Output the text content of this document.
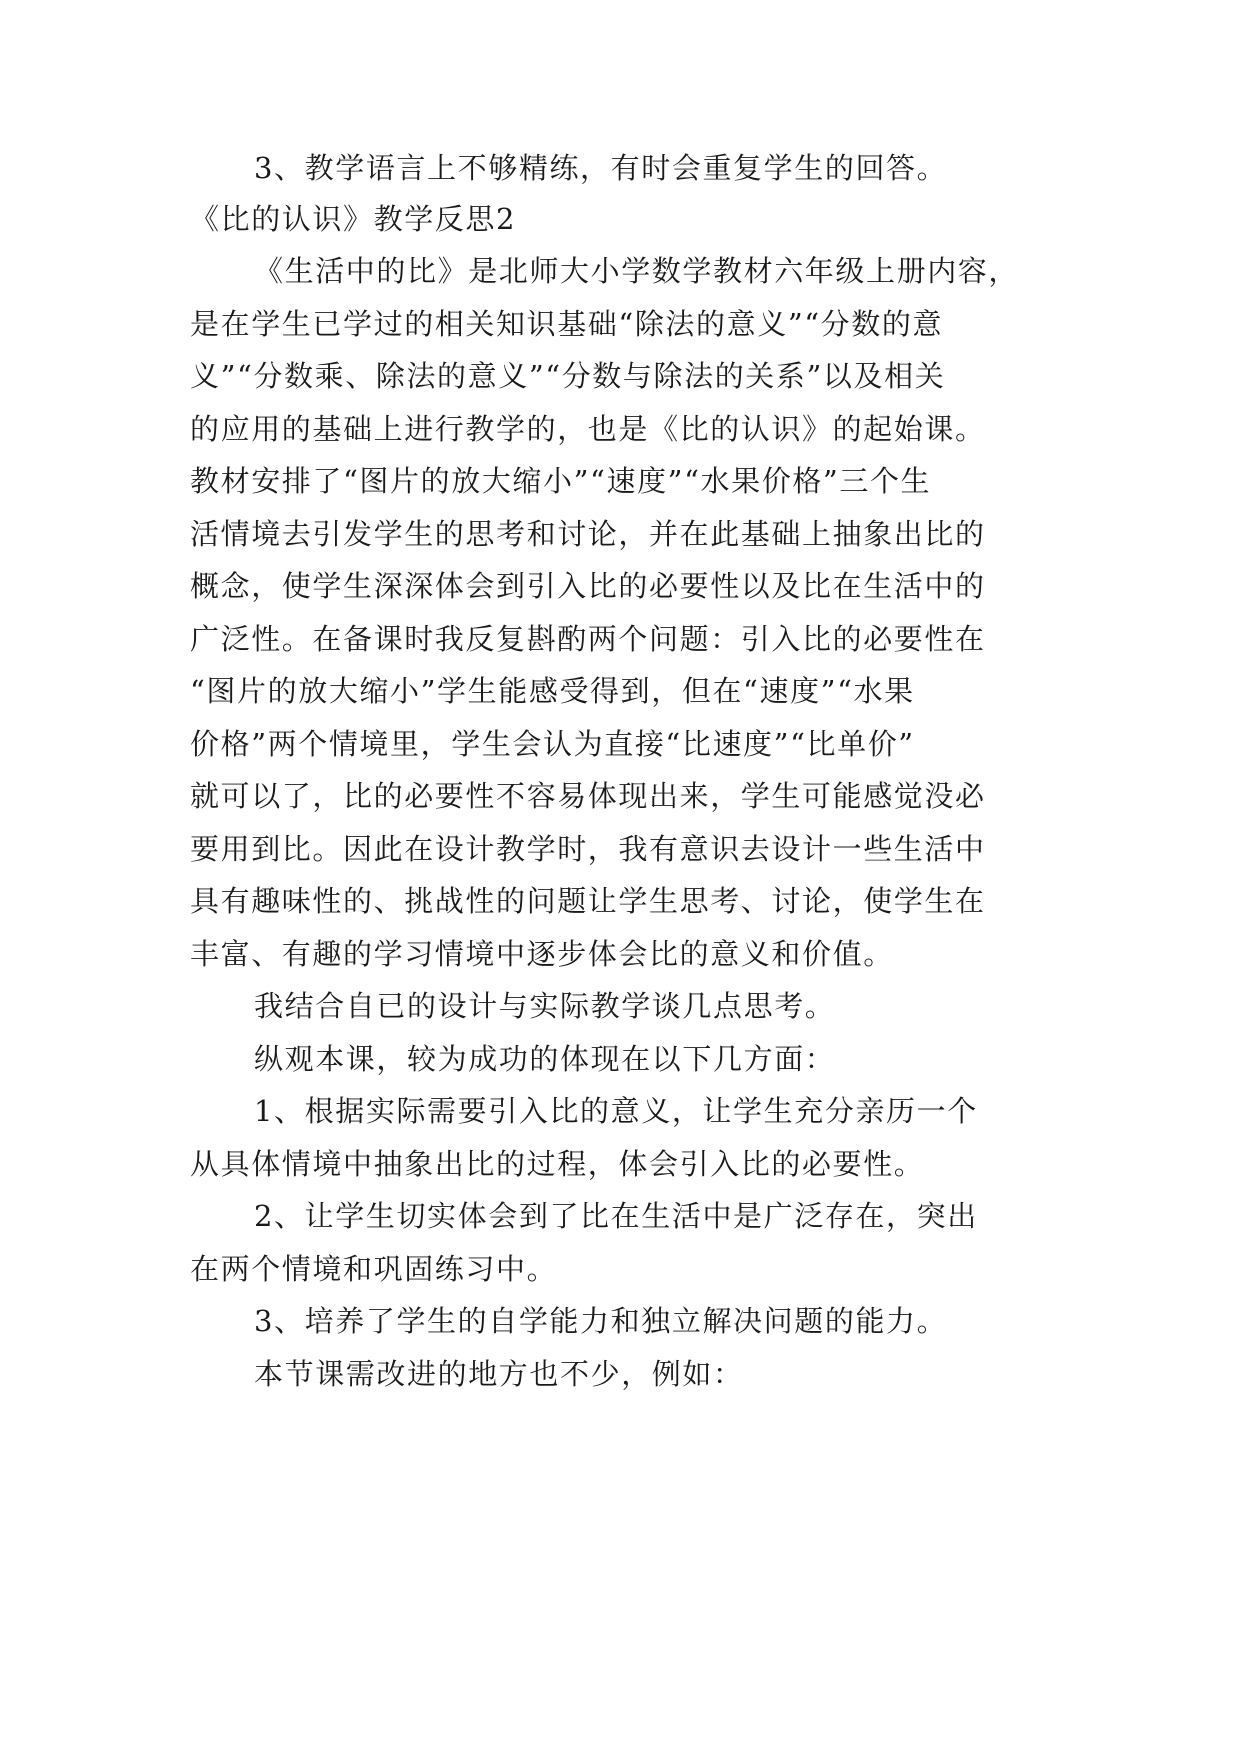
3、教学语言上不够精练，有时会重复学生的回答。
《比的认识》教学反思2
《生活中的比》是北师大小学数学教材六年级上册内容，
是在学生已学过的相关知识基础“除法的意义”“分数的意
义”“分数乘、除法的意义”“分数与除法的关系”以及相关
的应用的基础上进行教学的，也是《比的认识》的起始课。
教材安排了“图片的放大缩小”“速度”“水果价格”三个生
活情境去引发学生的思考和讨论，并在此基础上抽象出比的
概念，使学生深深体会到引入比的必要性以及比在生活中的
广泛性。在备课时我反复斟酌两个问题：引入比的必要性在
“图片的放大缩小”学生能感受得到，但在“速度”“水果
价格”两个情境里，学生会认为直接“比速度”“比单价”
就可以了，比的必要性不容易体现出来，学生可能感觉没必
要用到比。因此在设计教学时，我有意识去设计一些生活中
具有趣味性的、挑战性的问题让学生思考、讨论，使学生在
丰富、有趣的学习情境中逐步体会比的意义和价值。
我结合自已的设计与实际教学谈几点思考。
纵观本课，较为成功的体现在以下几方面：
1、根据实际需要引入比的意义，让学生充分亲历一个
从具体情境中抽象出比的过程，体会引入比的必要性。
2、让学生切实体会到了比在生活中是广泛存在，突出
在两个情境和巩固练习中。
3、培养了学生的自学能力和独立解决问题的能力。
本节课需改进的地方也不少，例如：
